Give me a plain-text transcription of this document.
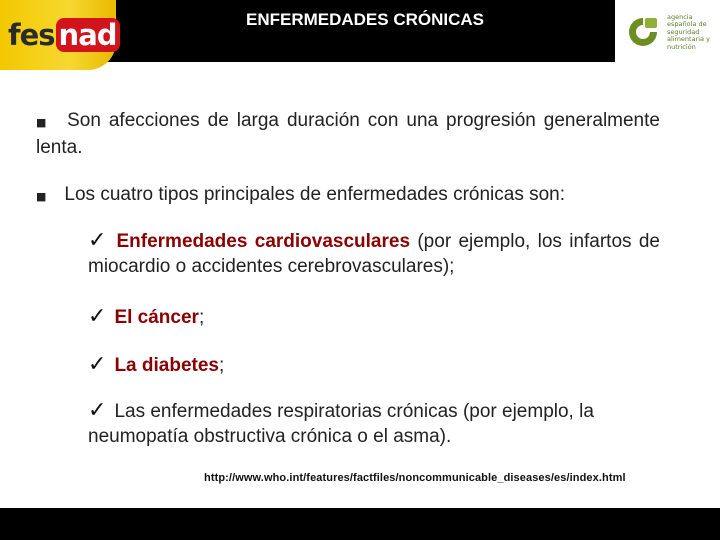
ENFERMEDADES CRÓNICAS
fes nad
agencia
española de
seguridad
alimentaria y
nutrición

■ Son afecciones de larga duración con una progresión generalmente lenta.

■ Los cuatro tipos principales de enfermedades crónicas son:

✓ Enfermedades cardiovasculares (por ejemplo, los infartos de miocardio o accidentes cerebrovasculares);
✓ El cáncer;
✓ La diabetes;
✓ Las enfermedades respiratorias crónicas (por ejemplo, la neumopatía obstructiva crónica o el asma).
http://www.who.int/features/factfiles/noncommunicable_diseases/es/index.html
